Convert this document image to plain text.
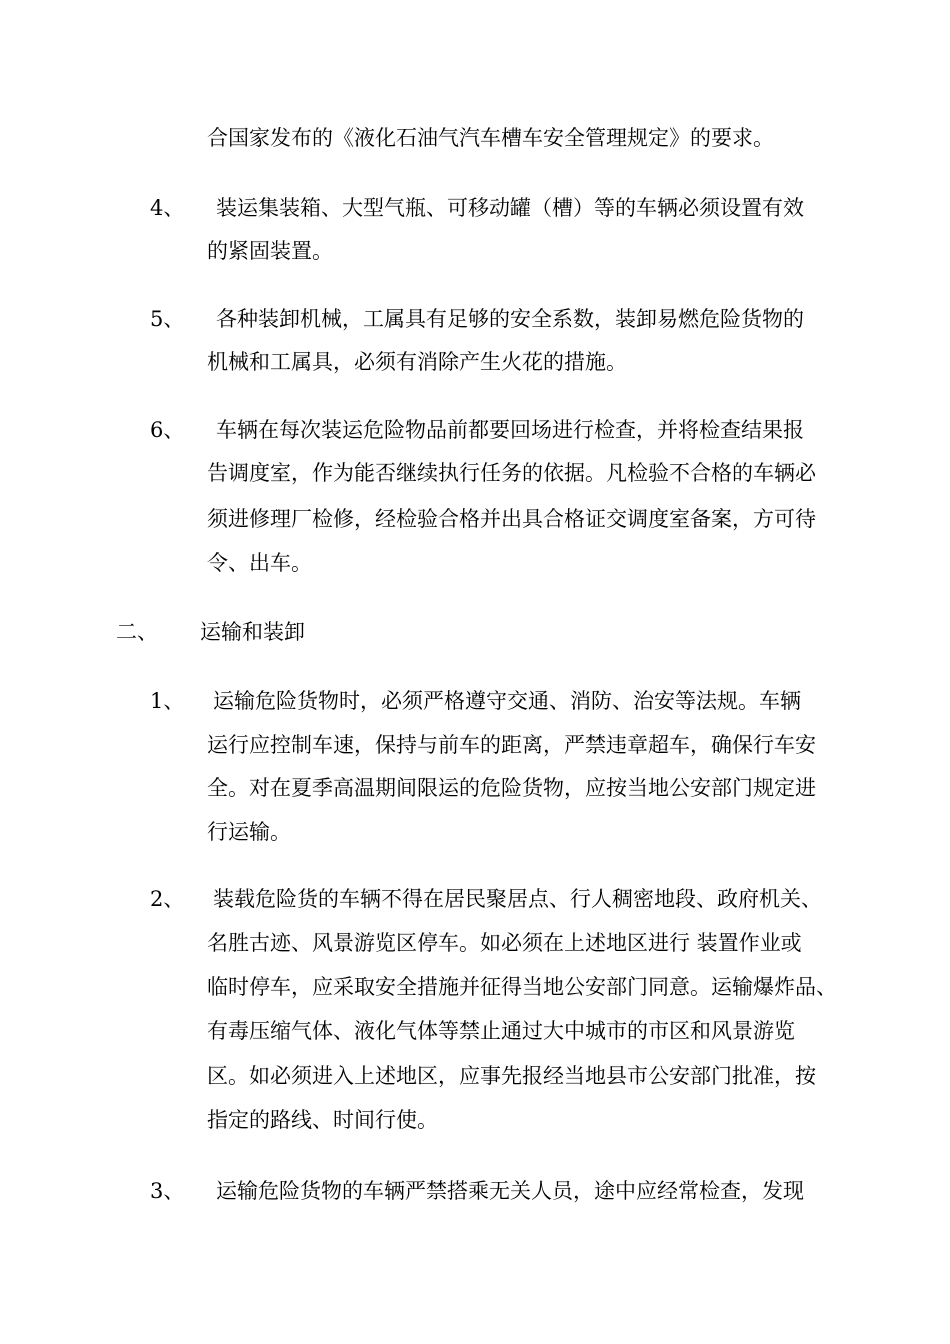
合国家发布的《液化石油气汽车槽车安全管理规定》的要求。
4、 装运集装箱、大型气瓶、可移动罐（槽）等的车辆必须设置有效
的紧固装置。
5、 各种装卸机械，工属具有足够的安全系数，装卸易燃危险货物的
机械和工属具，必须有消除产生火花的措施。
6、 车辆在每次装运危险物品前都要回场进行检查，并将检查结果报
告调度室，作为能否继续执行任务的依据。凡检验不合格的车辆必
须进修理厂检修，经检验合格并出具合格证交调度室备案，方可待
令、出车。
二、 运输和装卸
1、 运输危险货物时，必须严格遵守交通、消防、治安等法规。车辆
运行应控制车速，保持与前车的距离，严禁违章超车，确保行车安
全。对在夏季高温期间限运的危险货物，应按当地公安部门规定进
行运输。
2、 装载危险货的车辆不得在居民聚居点、行人稠密地段、政府机关、
名胜古迹、风景游览区停车。如必须在上述地区进行 装置作业或
临时停车，应采取安全措施并征得当地公安部门同意。运输爆炸品、
有毒压缩气体、液化气体等禁止通过大中城市的市区和风景游览
区。如必须进入上述地区，应事先报经当地县市公安部门批准，按
指定的路线、时间行使。
3、 运输危险货物的车辆严禁搭乘无关人员，途中应经常检查，发现
